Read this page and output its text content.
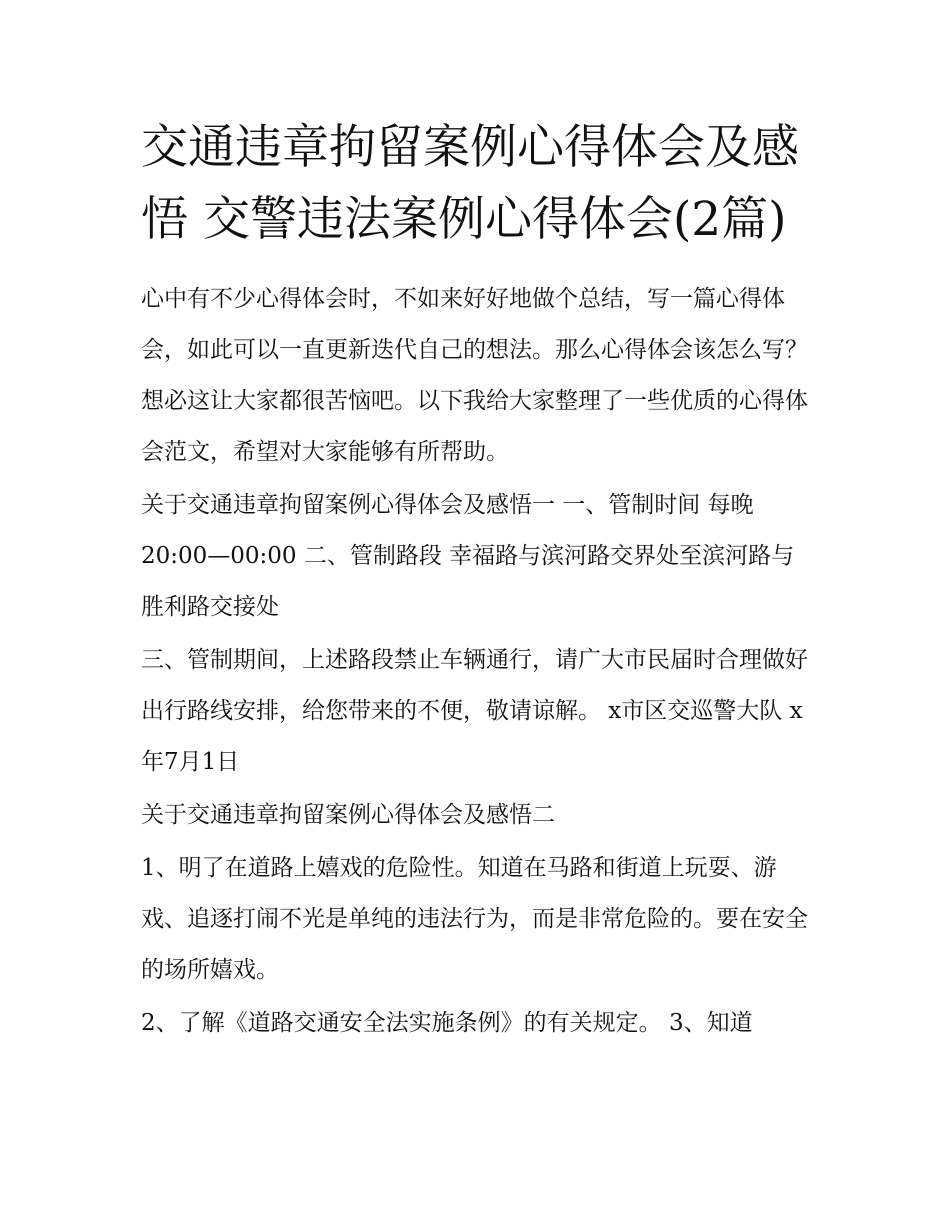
交通违章拘留案例心得体会及感悟 交警违法案例心得体会(2篇)

心中有不少心得体会时，不如来好好地做个总结，写一篇心得体会，如此可以一直更新迭代自己的想法。那么心得体会该怎么写？想必这让大家都很苦恼吧。以下我给大家整理了一些优质的心得体会范文，希望对大家能够有所帮助。

关于交通违章拘留案例心得体会及感悟一 一、管制时间 每晚20:00—00:00 二、管制路段 幸福路与滨河路交界处至滨河路与胜利路交接处

三、管制期间，上述路段禁止车辆通行，请广大市民届时合理做好出行路线安排，给您带来的不便，敬请谅解。 x市区交巡警大队 x年7月1日

关于交通违章拘留案例心得体会及感悟二

1、明了在道路上嬉戏的危险性。知道在马路和街道上玩耍、游戏、追逐打闹不光是单纯的违法行为，而是非常危险的。要在安全的场所嬉戏。

2、了解《道路交通安全法实施条例》的有关规定。 3、知道
